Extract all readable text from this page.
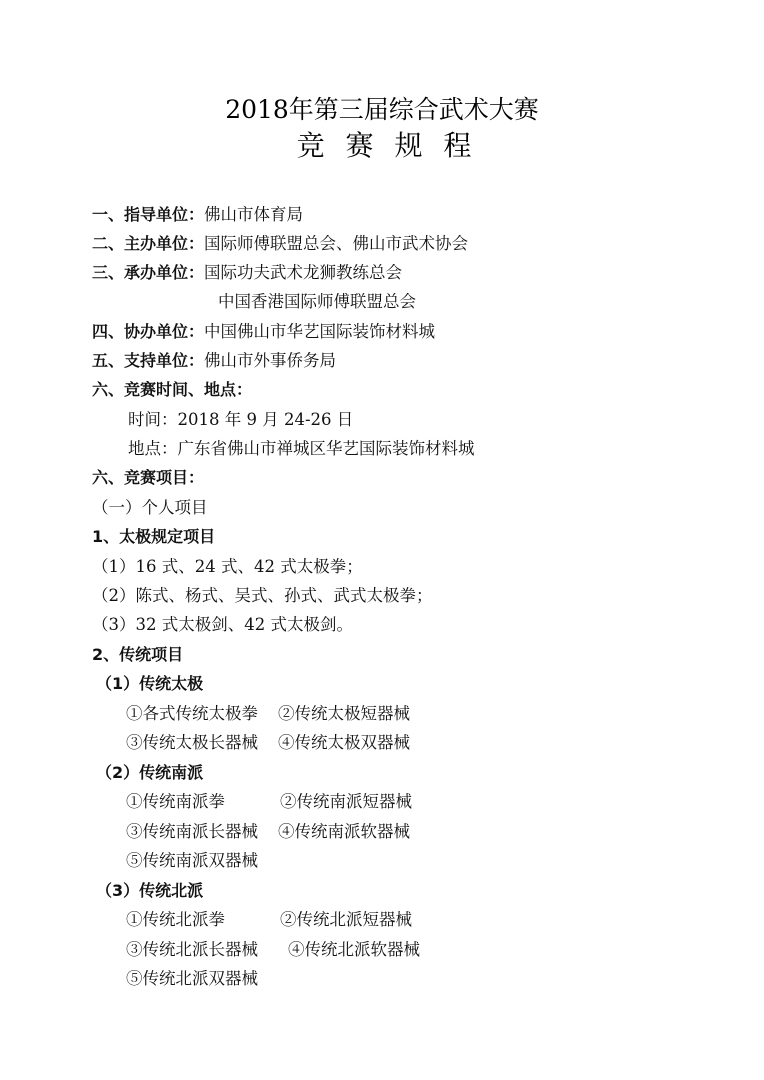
2018年第三届综合武术大赛
竞 赛 规 程
一、指导单位：佛山市体育局
二、主办单位：国际师傅联盟总会、佛山市武术协会
三、承办单位：国际功夫武术龙狮教练总会
中国香港国际师傅联盟总会
四、协办单位：中国佛山市华艺国际装饰材料城
五、支持单位：佛山市外事侨务局
六、竞赛时间、地点：
时间：2018 年 9 月 24-26 日
地点：广东省佛山市禅城区华艺国际装饰材料城
六、竞赛项目：
（一）个人项目
1、太极规定项目
（1）16 式、24 式、42 式太极拳；
（2）陈式、杨式、吴式、孙式、武式太极拳；
（3）32 式太极剑、42 式太极剑。
2、传统项目
（1）传统太极
①各式传统太极拳 ②传统太极短器械
③传统太极长器械 ④传统太极双器械
（2）传统南派
①传统南派拳	②传统南派短器械
③传统南派长器械 ④传统南派软器械
⑤传统南派双器械
（3）传统北派
①传统北派拳	②传统北派短器械
③传统北派长器械 ④传统北派软器械
⑤传统北派双器械
